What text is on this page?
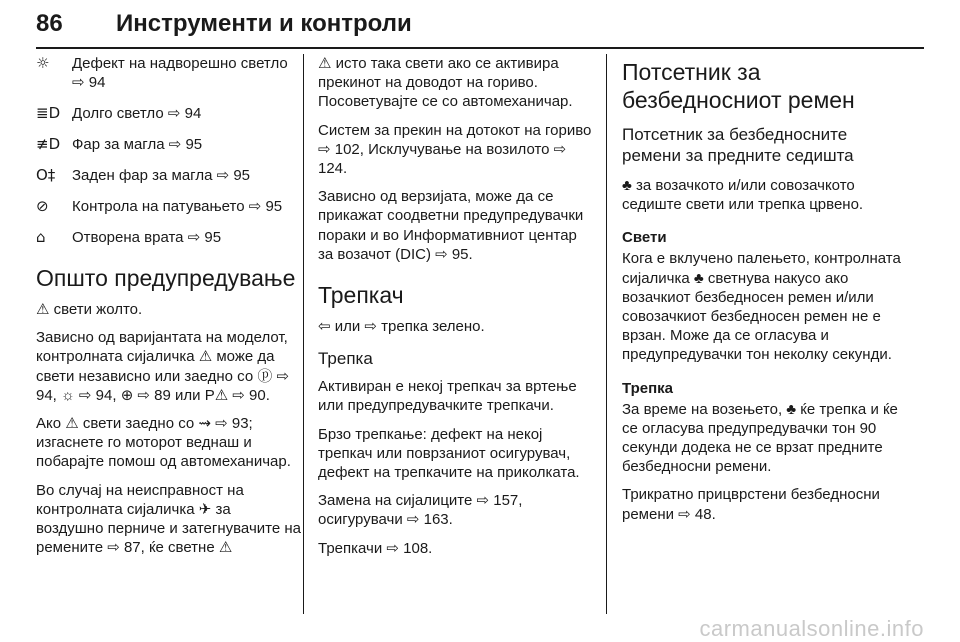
86 Инструменти и контроли
☼	Дефект на надворешно светло ⇨ 94
≣D Долго светло ⇨ 94
≢D Фар за магла ⇨ 95
O‡	Заден фар за магла ⇨ 95
⊘	Контрола на патувањето ⇨ 95
⌂	Отворена врата ⇨ 95
Општо предупредување

⚠ свети жолто.

Зависно од варијантата на моделот, контролната сијаличка ⚠ може да свети независно или заедно со ⓟ ⇨ 94, ☼ ⇨ 94, ⊕ ⇨ 89 или P⚠ ⇨ 90.

Ако ⚠ свети заедно со ⇝ ⇨ 93; изгаснете го моторот веднаш и побарајте помош од автомеханичар.

Во случај на неисправност на контролната сијаличка ✈ за воздушно перниче и затегнувачите на ремените ⇨ 87, ќе светне ⚠

⚠ исто така свети ако се активира прекинот на доводот на гориво. Посоветувајте се со автомеханичар.

Систем за прекин на дотокот на гориво ⇨ 102, Исклучување на возилото ⇨ 124.

Зависно од верзијата, може да се прикажат соодветни предупредувачки пораки и во Информативниот центар за возачот (DIC) ⇨ 95.

Трепкач

⇦ или ⇨ трепка зелено.

Трепка

Активиран е некој трепкач за вртење или предупредувачките трепкачи.

Брзо трепкање: дефект на некој трепкач или поврзаниот осигурувач, дефект на трепкачите на приколката.

Замена на сијалиците ⇨ 157, осигурувачи ⇨ 163.

Трепкачи ⇨ 108.

Потсетник за безбедносниот ремен
Потсетник за безбедносните ремени за предните седишта

♣ за возачкото и/или совозачкото седиште свети или трепка црвено.

Свети

Кога е вклучено палењето, контролната сијаличка ♣ светнува накусо ако возачкиот безбедносен ремен и/или совозачкиот безбедносен ремен не е врзан. Може да се огласува и предупредувачки тон неколку секунди.

Трепка

За време на возењето, ♣ ќе трепка и ќе се огласува предупредувачки тон 90 секунди додека не се врзат предните безбедносни ремени.

Трикратно прицврстени безбедносни ремени ⇨ 48.

carmanualsonline.info
